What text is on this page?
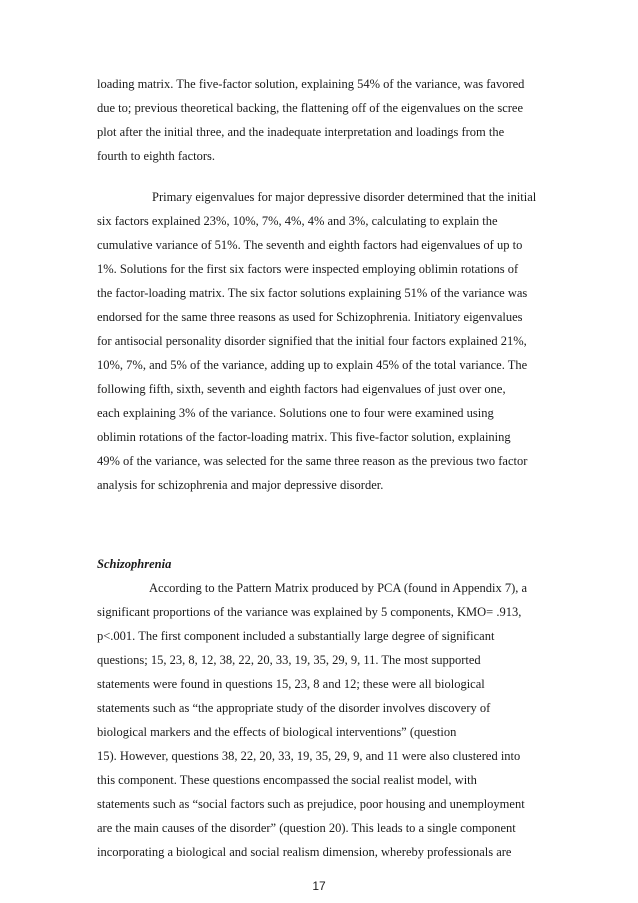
loading matrix. The five-factor solution, explaining 54% of the variance, was favored
due to; previous theoretical backing, the flattening off of the eigenvalues on the scree
plot after the initial three, and the inadequate interpretation and loadings from the
fourth to eighth factors.
Primary eigenvalues for major depressive disorder determined that the initial
six factors explained 23%, 10%, 7%, 4%, 4% and 3%, calculating to explain the
cumulative variance of 51%. The seventh and eighth factors had eigenvalues of up to
1%. Solutions for the first six factors were inspected employing oblimin rotations of
the factor-loading matrix. The six factor solutions explaining 51% of the variance was
endorsed for the same three reasons as used for Schizophrenia. Initiatory eigenvalues
for antisocial personality disorder signified that the initial four factors explained 21%,
10%, 7%, and 5% of the variance, adding up to explain 45% of the total variance. The
following fifth, sixth, seventh and eighth factors had eigenvalues of just over one,
each explaining 3% of the variance. Solutions one to four were examined using
oblimin rotations of the factor-loading matrix. This five-factor solution, explaining
49% of the variance, was selected for the same three reason as the previous two factor
analysis for schizophrenia and major depressive disorder.
Schizophrenia
According to the Pattern Matrix produced by PCA (found in Appendix 7), a
significant proportions of the variance was explained by 5 components, KMO= .913,
p<.001. The first component included a substantially large degree of significant
questions; 15, 23, 8, 12, 38, 22, 20, 33, 19, 35, 29, 9, 11. The most supported
statements were found in questions 15, 23, 8 and 12; these were all biological
statements such as “the appropriate study of the disorder involves discovery of
biological markers and the effects of biological interventions” (question
15). However, questions 38, 22, 20, 33, 19, 35, 29, 9, and 11 were also clustered into
this component. These questions encompassed the social realist model, with
statements such as “social factors such as prejudice, poor housing and unemployment
are the main causes of the disorder” (question 20). This leads to a single component
incorporating a biological and social realism dimension, whereby professionals are
17
